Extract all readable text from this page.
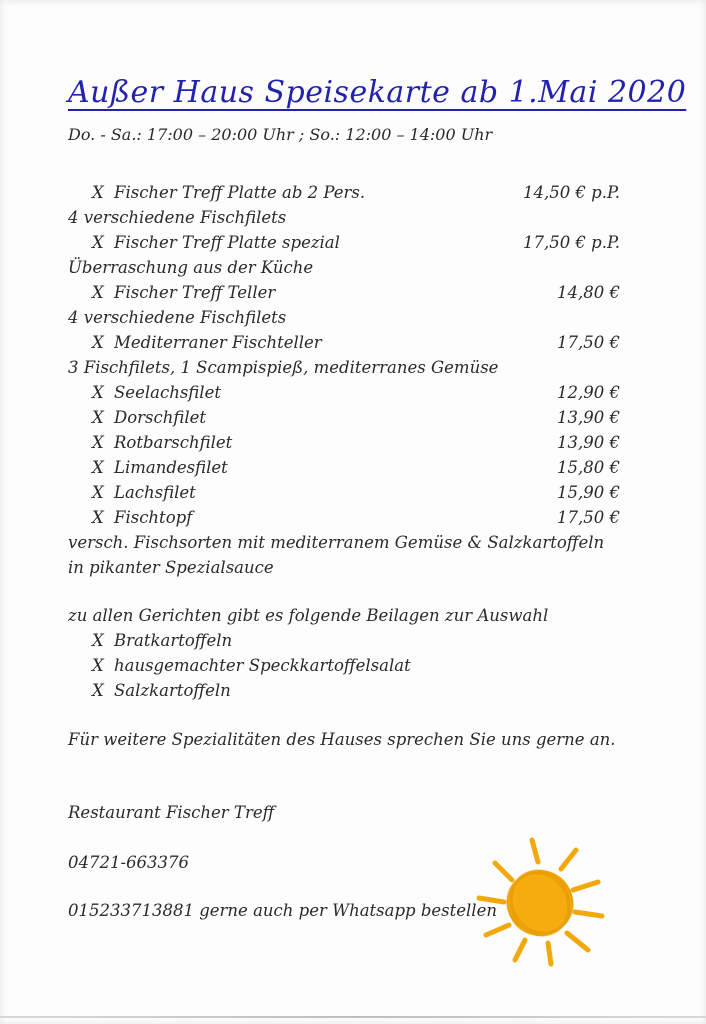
Außer Haus Speisekarte ab 1.Mai 2020
Do. - Sa.: 17:00 – 20:00 Uhr ; So.: 12:00 – 14:00 Uhr
X Fischer Treff Platte ab 2 Pers.	14,50 € p.P.
4 verschiedene Fischfilets
X Fischer Treff Platte spezial	17,50 € p.P.
Überraschung aus der Küche
X Fischer Treff Teller	14,80 €
4 verschiedene Fischfilets
X Mediterraner Fischteller	17,50 €
3 Fischfilets, 1 Scampispieß, mediterranes Gemüse
X Seelachsfilet	12,90 €
X Dorschfilet	13,90 €
X Rotbarschfilet	13,90 €
X Limandesfilet	15,80 €
X Lachsfilet	15,90 €
X Fischtopf	17,50 €
versch. Fischsorten mit mediterranem Gemüse & Salzkartoffeln in pikanter Spezialsauce
zu allen Gerichten gibt es folgende Beilagen zur Auswahl
X Bratkartoffeln
X hausgemachter Speckkartoffelsalat
X Salzkartoffeln
Für weitere Spezialitäten des Hauses sprechen Sie uns gerne an.
Restaurant Fischer Treff
04721-663376
015233713881 gerne auch per Whatsapp bestellen
